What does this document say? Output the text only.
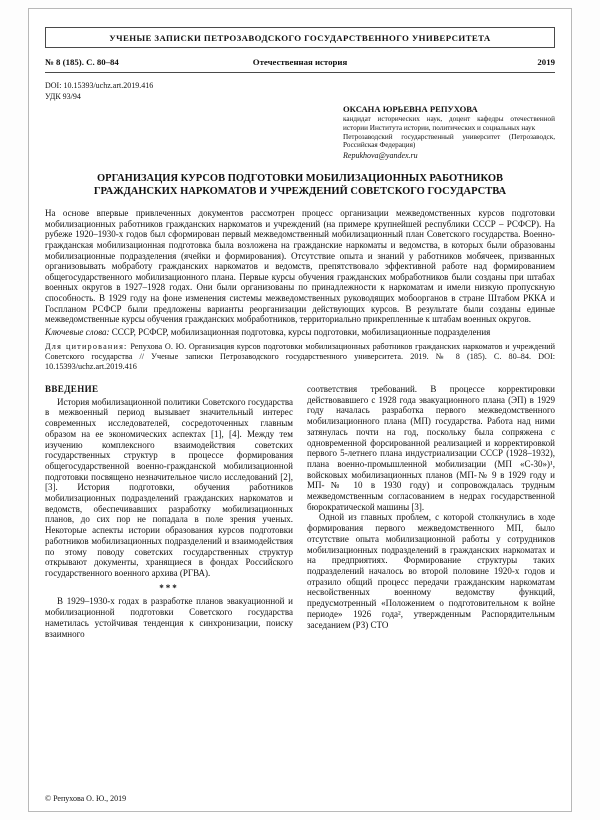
УЧЕНЫЕ ЗАПИСКИ ПЕТРОЗАВОДСКОГО ГОСУДАРСТВЕННОГО УНИВЕРСИТЕТА
№ 8 (185). С. 80–84	Отечественная история	2019
DOI: 10.15393/uchz.art.2019.416
УДК 93/94
ОКСАНА ЮРЬЕВНА РЕПУХОВА
кандидат исторических наук, доцент кафедры отечественной истории Института истории, политических и социальных наук
Петрозаводский государственный университет (Петрозаводск, Российская Федерация)
Repukhova@yandex.ru
ОРГАНИЗАЦИЯ КУРСОВ ПОДГОТОВКИ МОБИЛИЗАЦИОННЫХ РАБОТНИКОВ ГРАЖДАНСКИХ НАРКОМАТОВ И УЧРЕЖДЕНИЙ СОВЕТСКОГО ГОСУДАРСТВА

На основе впервые привлеченных документов рассмотрен процесс организации межведомственных курсов подготовки мобилизационных работников гражданских наркоматов и учреждений (на примере крупнейшей республики СССР – РСФСР). На рубеже 1920–1930-х годов был сформирован первый межведомственный мобилизационный план Советского государства. Военно-гражданская мобилизационная подготовка была возложена на гражданские наркоматы и ведомства, в которых были образованы мобилизационные подразделения (ячейки и формирования). Отсутствие опыта и знаний у работников мобячеек, призванных организовывать мобработу гражданских наркоматов и ведомств, препятствовало эффективной работе над формированием общегосударственного мобилизационного плана. Первые курсы обучения гражданских мобработников были созданы при штабах военных округов в 1927–1928 годах. Они были организованы по принадлежности к наркоматам и имели низкую пропускную способность. В 1929 году на фоне изменения системы межведомственных руководящих мобоорганов в стране Штабом РККА и Госпланом РСФСР были предложены варианты реорганизации действующих курсов. В результате были созданы единые межведомственные курсы обучения гражданских мобработников, территориально прикрепленные к штабам военных округов.

Ключевые слова: СССР, РСФСР, мобилизационная подготовка, курсы подготовки, мобилизационные подразделения

Для цитирования: Репухова О. Ю. Организация курсов подготовки мобилизационных работников гражданских наркоматов и учреждений Советского государства // Ученые записки Петрозаводского государственного университета. 2019. № 8 (185). С. 80–84. DOI: 10.15393/uchz.art.2019.416

ВВЕДЕНИЕ

История мобилизационной политики Советского государства в межвоенный период вызывает значительный интерес современных исследователей, сосредоточенных главным образом на ее экономических аспектах [1], [4]. Между тем изучению комплексного взаимодействия советских государственных структур в процессе формирования общегосударственной военно-гражданской мобилизационной подготовки посвящено незначительное число исследований [2], [3]. История подготовки, обучения работников мобилизационных подразделений гражданских наркоматов и ведомств, обеспечивавших разработку мобилизационных планов, до сих пор не попадала в поле зрения ученых. Некоторые аспекты истории образования курсов подготовки работников мобилизационных подразделений и взаимодействия по этому поводу советских государственных структур открывают документы, хранящиеся в фондах Российского государственного военного архива (РГВА).

***

В 1929–1930-х годах в разработке планов эвакуационной и мобилизационной подготовки Советского государства наметилась устойчивая тенденция к синхронизации, поиску взаимного

соответствия требований. В процессе корректировки действовавшего с 1928 года эвакуационного плана (ЭП) в 1929 году началась разработка первого межведомственного мобилизационного плана (МП) государства. Работа над ними затянулась почти на год, поскольку была сопряжена с одновременной форсированной реализацией и корректировкой первого 5-летнего плана индустриализации СССР (1928–1932), плана военно-промышленной мобилизации (МП «С-30»)¹, войсковых мобилизационных планов (МП-№ 9 в 1929 году и МП-№ 10 в 1930 году) и сопровождалась трудным межведомственным согласованием в недрах государственной бюрократической машины [3].

Одной из главных проблем, с которой столкнулись в ходе формирования первого межведомственного МП, было отсутствие опыта мобилизационной работы у сотрудников мобилизационных подразделений в гражданских наркоматах и на предприятиях. Формирование структуры таких подразделений началось во второй половине 1920-х годов и отразило общий процесс передачи гражданским наркоматам несвойственных военному ведомству функций, предусмотренный «Положением о подготовительном к войне периоде» 1926 года², утвержденным Распорядительным заседанием (РЗ) СТО

© Репухова О. Ю., 2019
